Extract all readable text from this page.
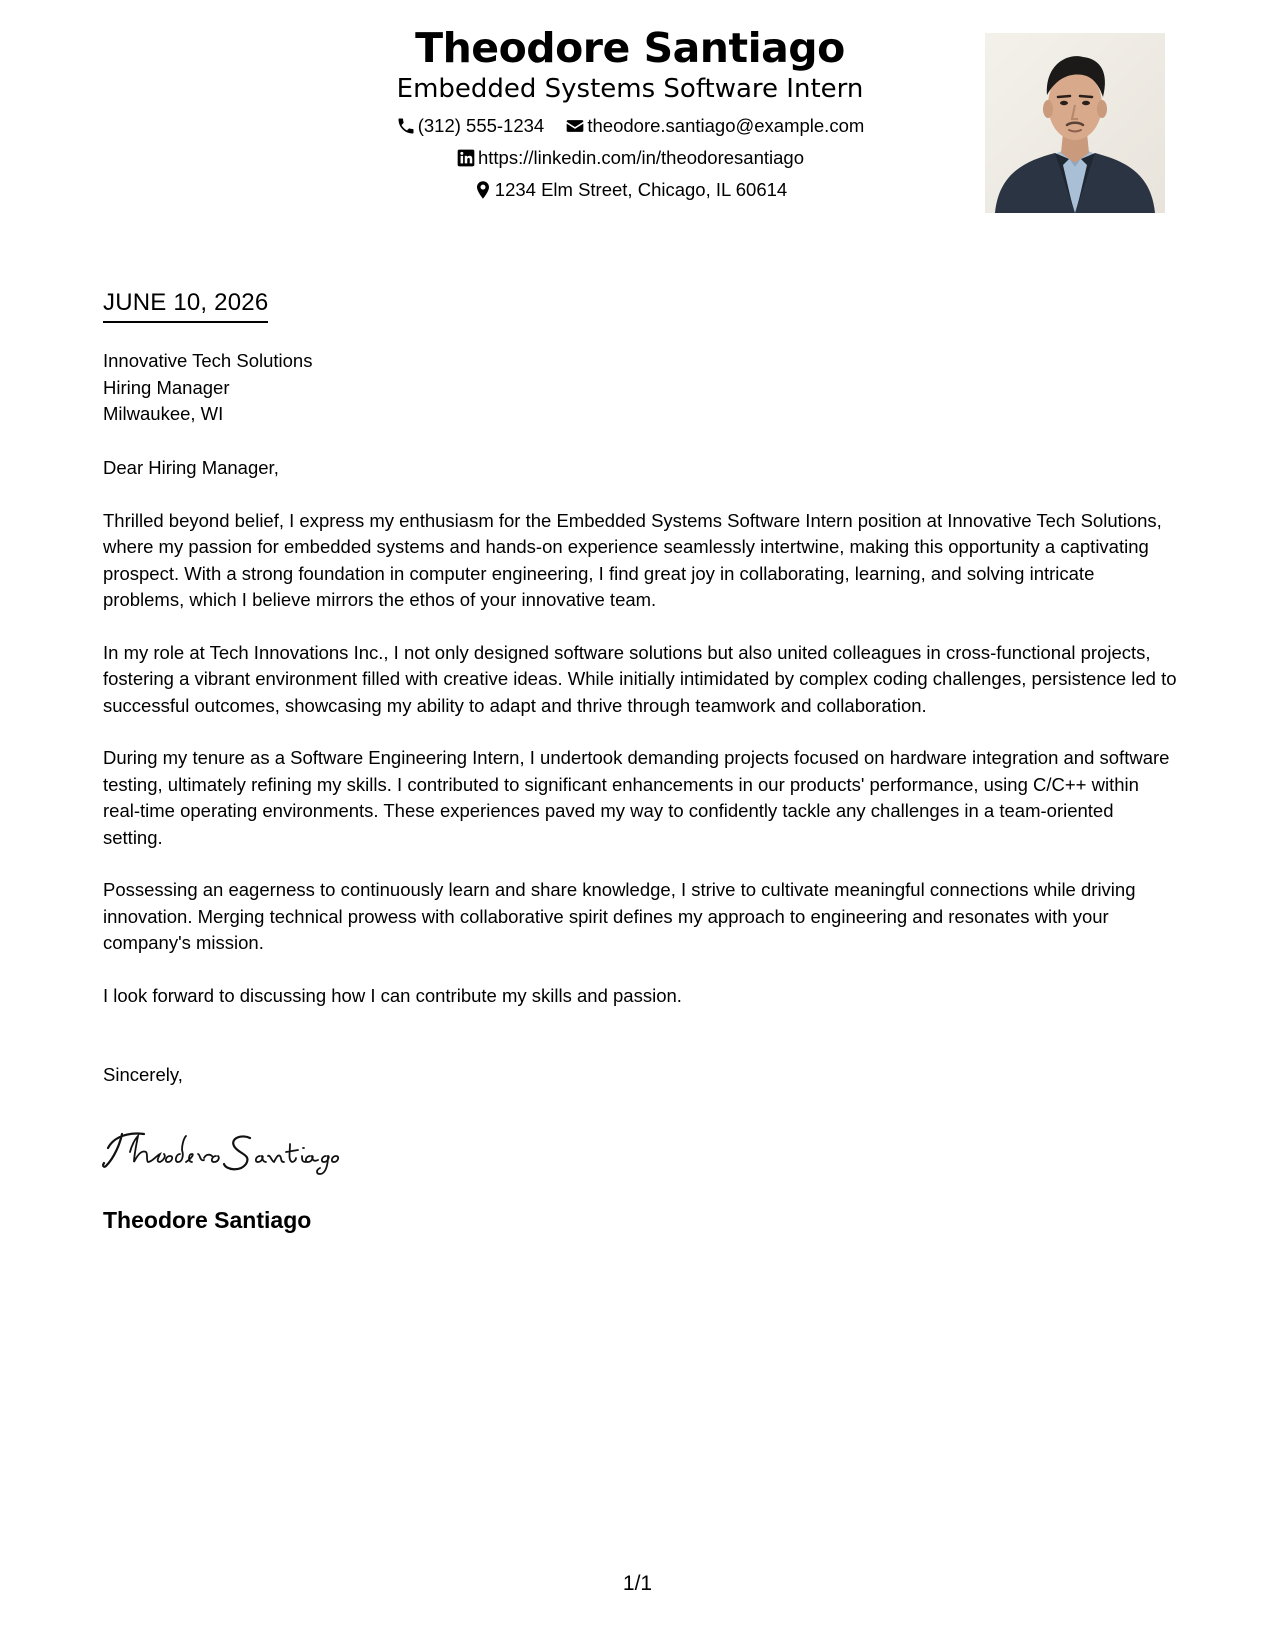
Theodore Santiago
Embedded Systems Software Intern
(312) 555-1234
theodore.santiago@example.com
https://linkedin.com/in/theodoresantiago
1234 Elm Street, Chicago, IL 60614
JUNE 10, 2026
Innovative Tech Solutions
Hiring Manager
Milwaukee, WI

Dear Hiring Manager,

Thrilled beyond belief, I express my enthusiasm for the Embedded Systems Software Intern position at Innovative Tech Solutions, where my passion for embedded systems and hands-on experience seamlessly intertwine, making this opportunity a captivating prospect. With a strong foundation in computer engineering, I find great joy in collaborating, learning, and solving intricate problems, which I believe mirrors the ethos of your innovative team.

In my role at Tech Innovations Inc., I not only designed software solutions but also united colleagues in cross-functional projects, fostering a vibrant environment filled with creative ideas. While initially intimidated by complex coding challenges, persistence led to successful outcomes, showcasing my ability to adapt and thrive through teamwork and collaboration.

During my tenure as a Software Engineering Intern, I undertook demanding projects focused on hardware integration and software testing, ultimately refining my skills. I contributed to significant enhancements in our products' performance, using C/C++ within real-time operating environments. These experiences paved my way to confidently tackle any challenges in a team-oriented setting.

Possessing an eagerness to continuously learn and share knowledge, I strive to cultivate meaningful connections while driving innovation. Merging technical prowess with collaborative spirit defines my approach to engineering and resonates with your company's mission.

I look forward to discussing how I can contribute my skills and passion.

Sincerely,
Theodore Santiago
1/1
